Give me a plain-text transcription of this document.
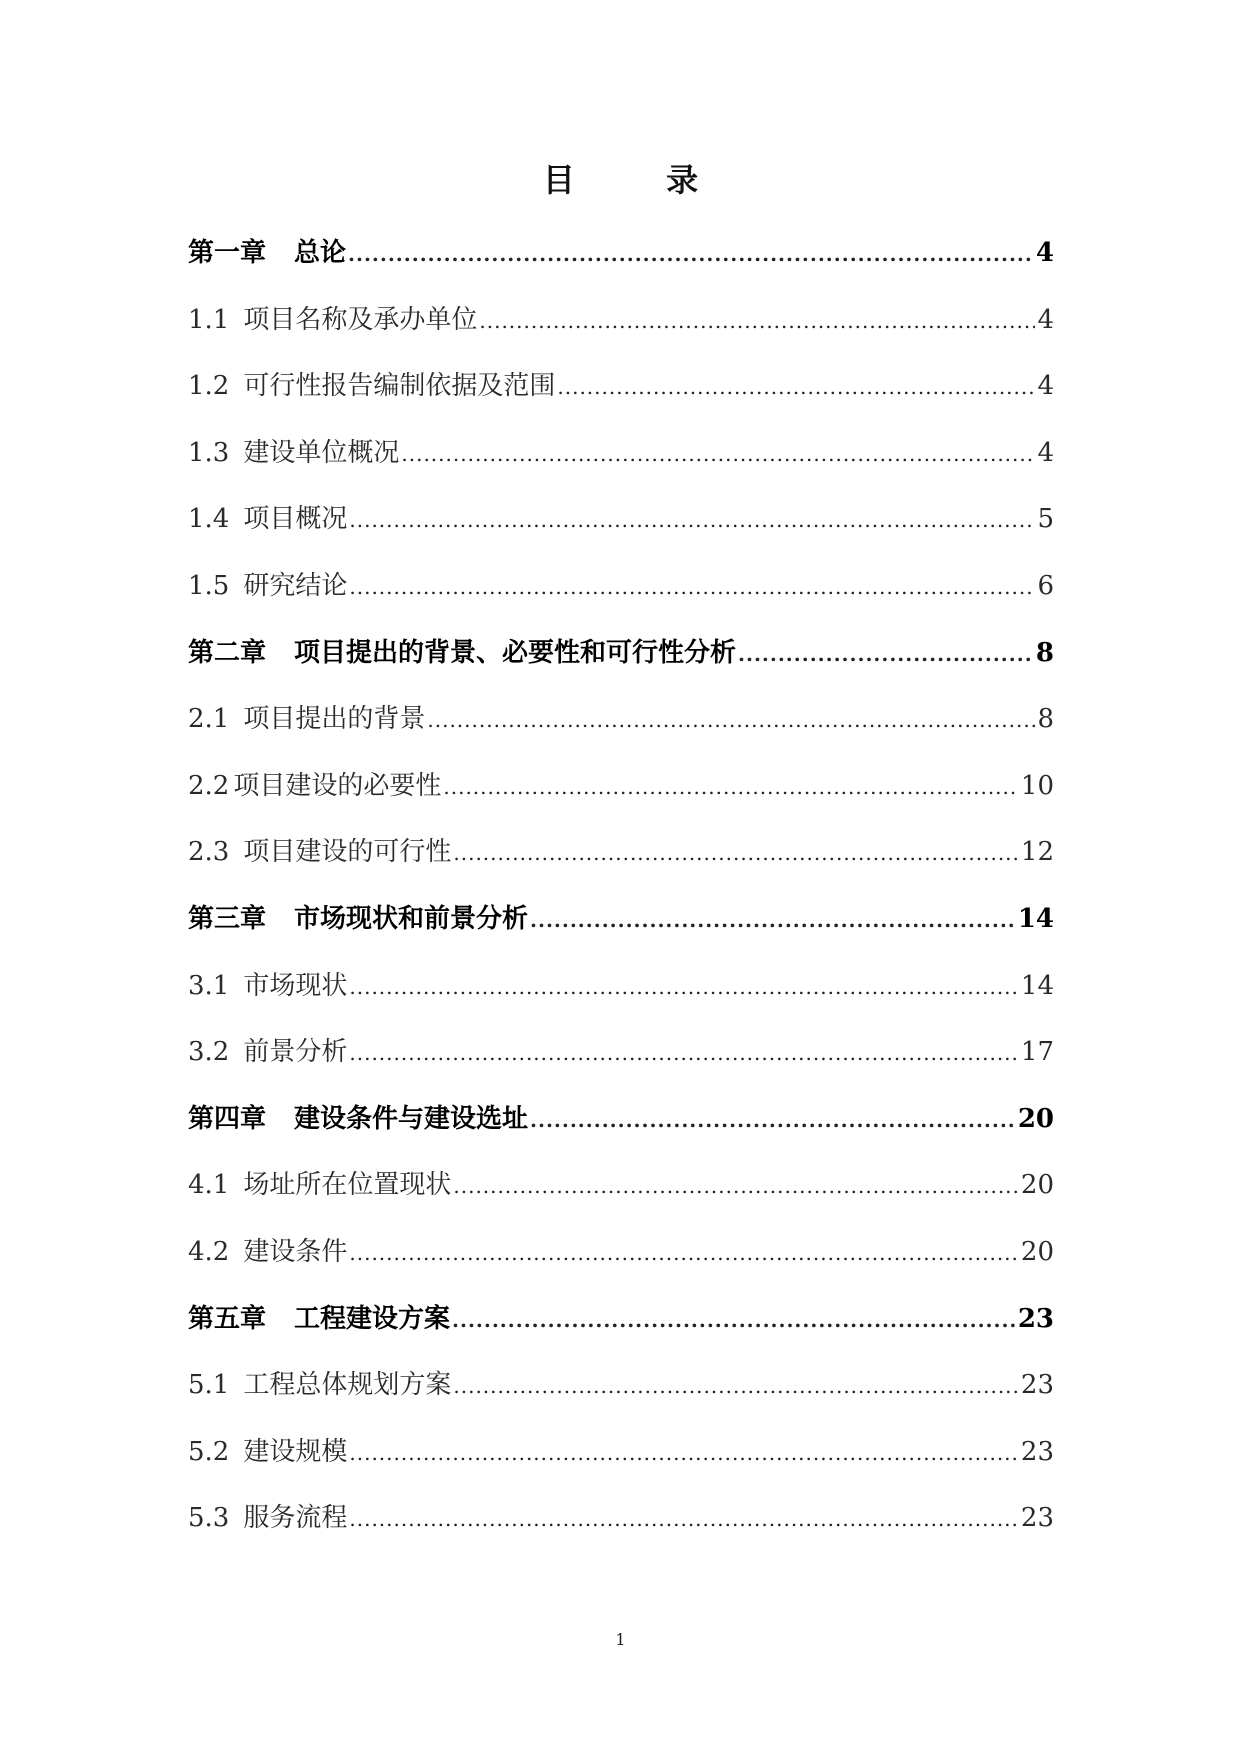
目 录
第一章 总论 .....	4
1.1 项目名称及承办单位 .....	4
1.2 可行性报告编制依据及范围 .....	4
1.3 建设单位概况 .....	4
1.4 项目概况 .....	5
1.5 研究结论 .....	6
第二章 项目提出的背景、必要性和可行性分析 .....	8
2.1 项目提出的背景 .....	8
2.2 项目建设的必要性 .....	10
2.3 项目建设的可行性 .....	12
第三章 市场现状和前景分析 .....	14
3.1 市场现状 .....	14
3.2 前景分析 .....	17
第四章 建设条件与建设选址 .....	20
4.1 场址所在位置现状 .....	20
4.2 建设条件 .....	20
第五章 工程建设方案 .....	23
5.1 工程总体规划方案 .....	23
5.2 建设规模 .....	23
5.3 服务流程 .....	23
1
